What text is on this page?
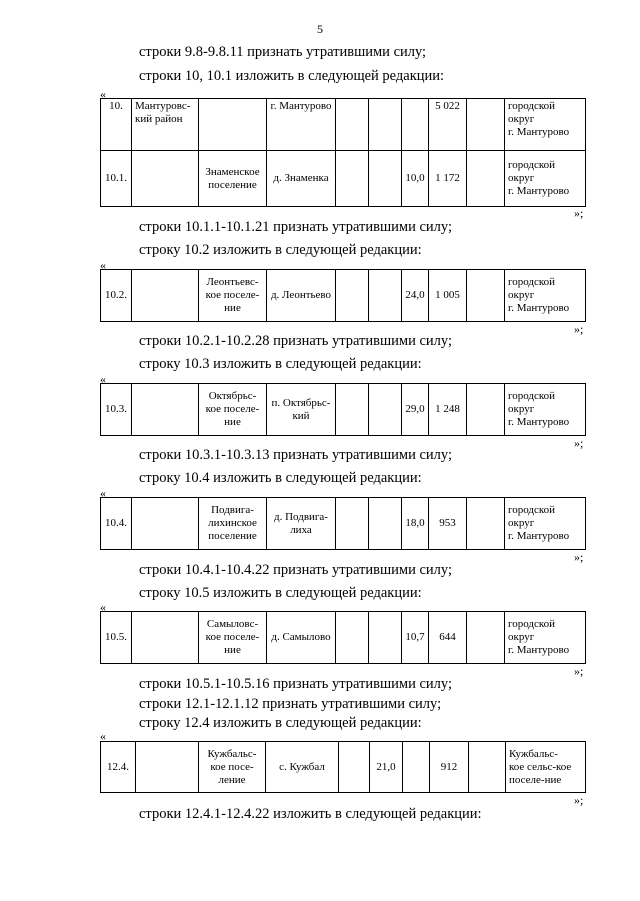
5
строки 9.8-9.8.11 признать утратившими силу;
строки 10, 10.1 изложить в следующей редакции:
«
10.	Мантуровс-
кий район		г. Мантурово				5 022		городской
округ
г. Мантурово
10.1.		Знаменское
поселение	д. Знаменка			10,0	1 172		городской
округ
г. Мантурово
»;
строки 10.1.1-10.1.21 признать утратившими силу;
строку 10.2 изложить в следующей редакции:
«
10.2.		Леонтьевс-
кое поселе-
ние	д. Леонтьево			24,0	1 005		городской
округ
г. Мантурово
»;
строки 10.2.1-10.2.28 признать утратившими силу;
строку 10.3 изложить в следующей редакции:
«
10.3.		Октябрьс-
кое поселе-
ние	п. Октябрьс-
кий			29,0	1 248		городской
округ
г. Мантурово
»;
строки 10.3.1-10.3.13 признать утратившими силу;
строку 10.4 изложить в следующей редакции:
«
10.4.		Подвига-
лихинское
поселение	д. Подвига-
лиха			18,0	953		городской
округ
г. Мантурово
»;
строки 10.4.1-10.4.22 признать утратившими силу;
строку 10.5 изложить в следующей редакции:
«
10.5.		Самыловс-
кое поселе-
ние	д. Самылово			10,7	644		городской
округ
г. Мантурово
»;
строки 10.5.1-10.5.16 признать утратившими силу;
строки 12.1-12.1.12 признать утратившими силу;
строку 12.4 изложить в следующей редакции:
«
12.4.		Кужбальс-
кое посе-
ление	с. Кужбал		21,0		912		Кужбальс-
кое сельс-кое
поселе-ние
»;
строки 12.4.1-12.4.22 изложить в следующей редакции:
